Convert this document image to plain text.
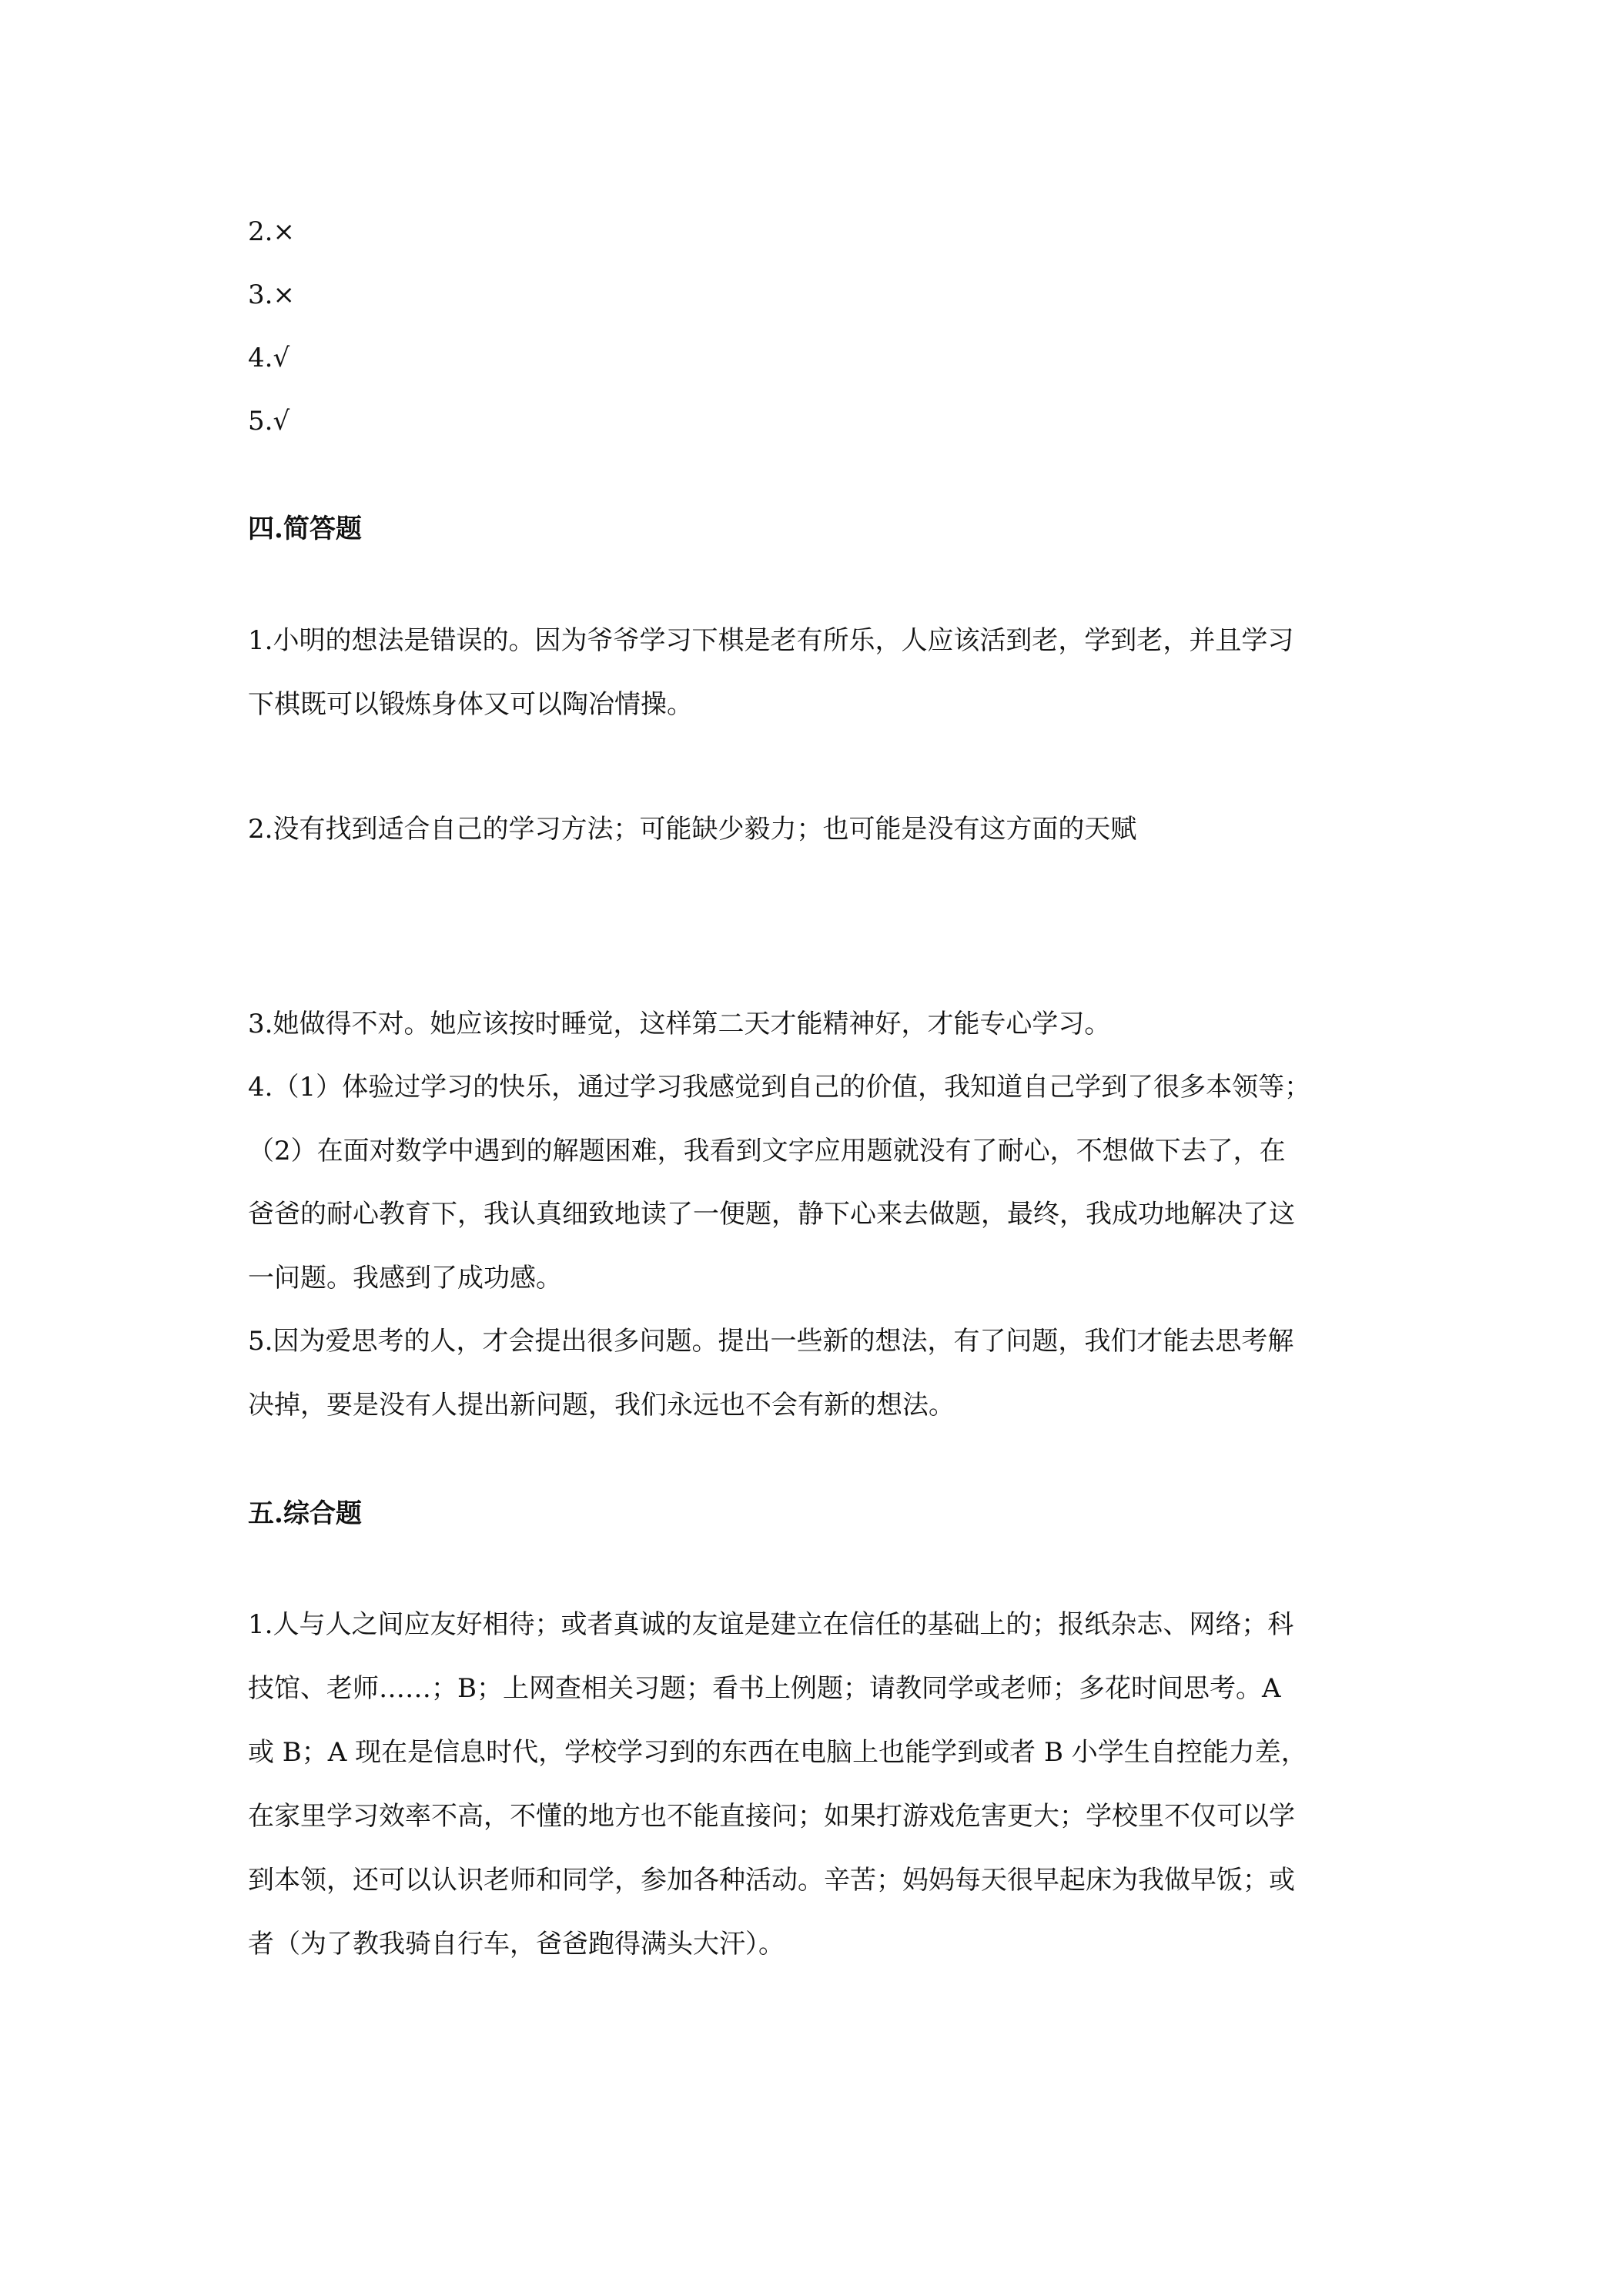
2.×
3.×
4.√
5.√
四.简答题
1.小明的想法是错误的。因为爷爷学习下棋是老有所乐，人应该活到老，学到老，并且学习
下棋既可以锻炼身体又可以陶冶情操。
2.没有找到适合自己的学习方法；可能缺少毅力；也可能是没有这方面的天赋
3.她做得不对。她应该按时睡觉，这样第二天才能精神好，才能专心学习。
4.（1）体验过学习的快乐，通过学习我感觉到自己的价值，我知道自己学到了很多本领等；
（2）在面对数学中遇到的解题困难，我看到文字应用题就没有了耐心，不想做下去了，在
爸爸的耐心教育下，我认真细致地读了一便题，静下心来去做题，最终，我成功地解决了这
一问题。我感到了成功感。
5.因为爱思考的人，才会提出很多问题。提出一些新的想法，有了问题，我们才能去思考解
决掉，要是没有人提出新问题，我们永远也不会有新的想法。
五.综合题
1.人与人之间应友好相待；或者真诚的友谊是建立在信任的基础上的；报纸杂志、网络；科
技馆、老师……；B；上网查相关习题；看书上例题；请教同学或老师；多花时间思考。A
或 B；A 现在是信息时代，学校学习到的东西在电脑上也能学到或者 B 小学生自控能力差，
在家里学习效率不高，不懂的地方也不能直接问；如果打游戏危害更大；学校里不仅可以学
到本领，还可以认识老师和同学，参加各种活动。辛苦；妈妈每天很早起床为我做早饭；或
者（为了教我骑自行车，爸爸跑得满头大汗）。
